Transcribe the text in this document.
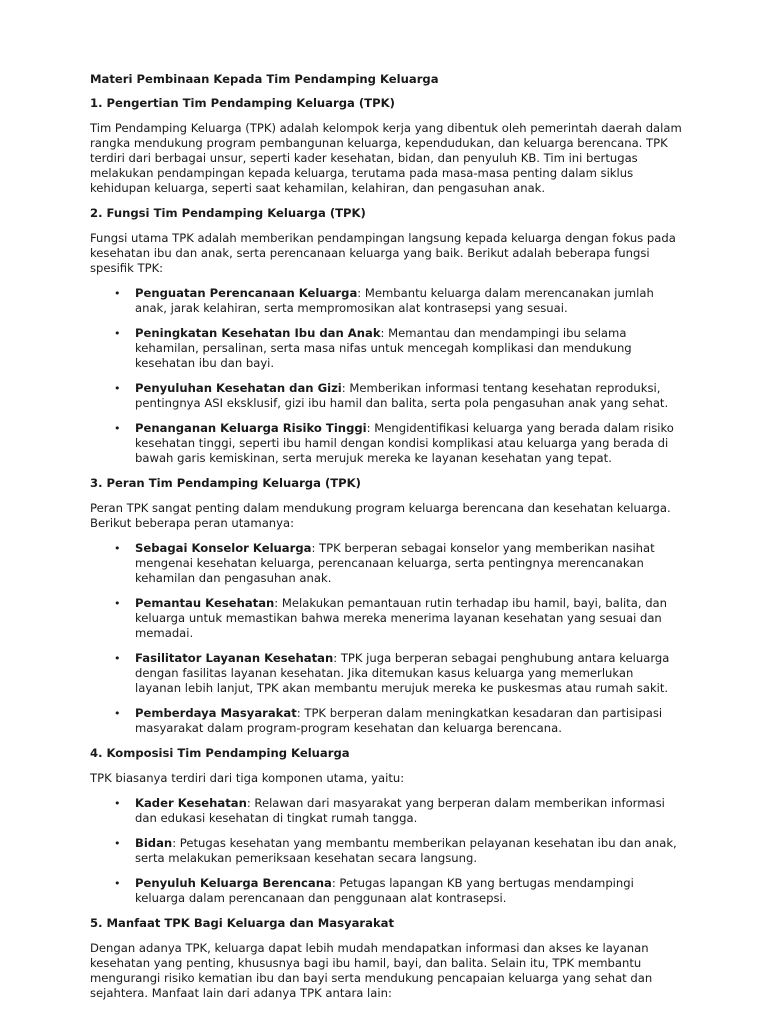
Materi Pembinaan Kepada Tim Pendamping Keluarga
1. Pengertian Tim Pendamping Keluarga (TPK)

Tim Pendamping Keluarga (TPK) adalah kelompok kerja yang dibentuk oleh pemerintah daerah dalam rangka mendukung program pembangunan keluarga, kependudukan, dan keluarga berencana. TPK terdiri dari berbagai unsur, seperti kader kesehatan, bidan, dan penyuluh KB. Tim ini bertugas melakukan pendampingan kepada keluarga, terutama pada masa-masa penting dalam siklus kehidupan keluarga, seperti saat kehamilan, kelahiran, dan pengasuhan anak.

2. Fungsi Tim Pendamping Keluarga (TPK)

Fungsi utama TPK adalah memberikan pendampingan langsung kepada keluarga dengan fokus pada kesehatan ibu dan anak, serta perencanaan keluarga yang baik. Berikut adalah beberapa fungsi spesifik TPK:

• Penguatan Perencanaan Keluarga: Membantu keluarga dalam merencanakan jumlah anak, jarak kelahiran, serta mempromosikan alat kontrasepsi yang sesuai.
• Peningkatan Kesehatan Ibu dan Anak: Memantau dan mendampingi ibu selama kehamilan, persalinan, serta masa nifas untuk mencegah komplikasi dan mendukung kesehatan ibu dan bayi.
• Penyuluhan Kesehatan dan Gizi: Memberikan informasi tentang kesehatan reproduksi, pentingnya ASI eksklusif, gizi ibu hamil dan balita, serta pola pengasuhan anak yang sehat.
• Penanganan Keluarga Risiko Tinggi: Mengidentifikasi keluarga yang berada dalam risiko kesehatan tinggi, seperti ibu hamil dengan kondisi komplikasi atau keluarga yang berada di bawah garis kemiskinan, serta merujuk mereka ke layanan kesehatan yang tepat.
3. Peran Tim Pendamping Keluarga (TPK)

Peran TPK sangat penting dalam mendukung program keluarga berencana dan kesehatan keluarga. Berikut beberapa peran utamanya:

• Sebagai Konselor Keluarga: TPK berperan sebagai konselor yang memberikan nasihat mengenai kesehatan keluarga, perencanaan keluarga, serta pentingnya merencanakan kehamilan dan pengasuhan anak.
• Pemantau Kesehatan: Melakukan pemantauan rutin terhadap ibu hamil, bayi, balita, dan keluarga untuk memastikan bahwa mereka menerima layanan kesehatan yang sesuai dan memadai.
• Fasilitator Layanan Kesehatan: TPK juga berperan sebagai penghubung antara keluarga dengan fasilitas layanan kesehatan. Jika ditemukan kasus keluarga yang memerlukan layanan lebih lanjut, TPK akan membantu merujuk mereka ke puskesmas atau rumah sakit.
• Pemberdaya Masyarakat: TPK berperan dalam meningkatkan kesadaran dan partisipasi masyarakat dalam program-program kesehatan dan keluarga berencana.
4. Komposisi Tim Pendamping Keluarga

TPK biasanya terdiri dari tiga komponen utama, yaitu:

• Kader Kesehatan: Relawan dari masyarakat yang berperan dalam memberikan informasi dan edukasi kesehatan di tingkat rumah tangga.
• Bidan: Petugas kesehatan yang membantu memberikan pelayanan kesehatan ibu dan anak, serta melakukan pemeriksaan kesehatan secara langsung.
• Penyuluh Keluarga Berencana: Petugas lapangan KB yang bertugas mendampingi keluarga dalam perencanaan dan penggunaan alat kontrasepsi.
5. Manfaat TPK Bagi Keluarga dan Masyarakat

Dengan adanya TPK, keluarga dapat lebih mudah mendapatkan informasi dan akses ke layanan kesehatan yang penting, khususnya bagi ibu hamil, bayi, dan balita. Selain itu, TPK membantu mengurangi risiko kematian ibu dan bayi serta mendukung pencapaian keluarga yang sehat dan sejahtera. Manfaat lain dari adanya TPK antara lain:
